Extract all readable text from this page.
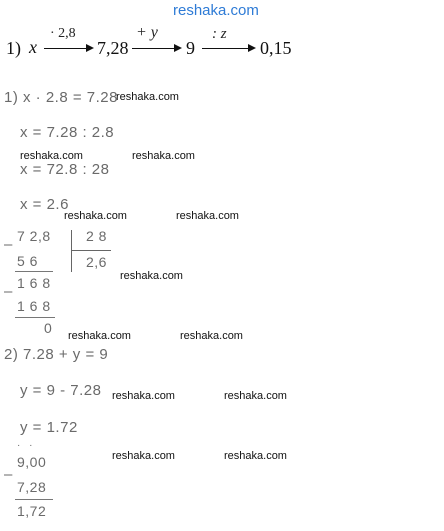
reshaka.com
1) x
· 2,8
7,28
+ y
9
: z
0,15
1) x · 2.8 = 7.28
x = 7.28 : 2.8
x = 72.8 : 28
x = 2.6
– 7 2,8	2 8
2,6
5 6
– 1 6 8
1 6 8
0
2) 7.28 + y = 9
y = 9 - 7.28
y = 1.72
· ·
9,00
–
7,28
1,72
reshaka.com
reshaka.com	reshaka.com
reshaka.com	reshaka.com
reshaka.com
reshaka.com	reshaka.com
reshaka.com	reshaka.com
reshaka.com	reshaka.com
